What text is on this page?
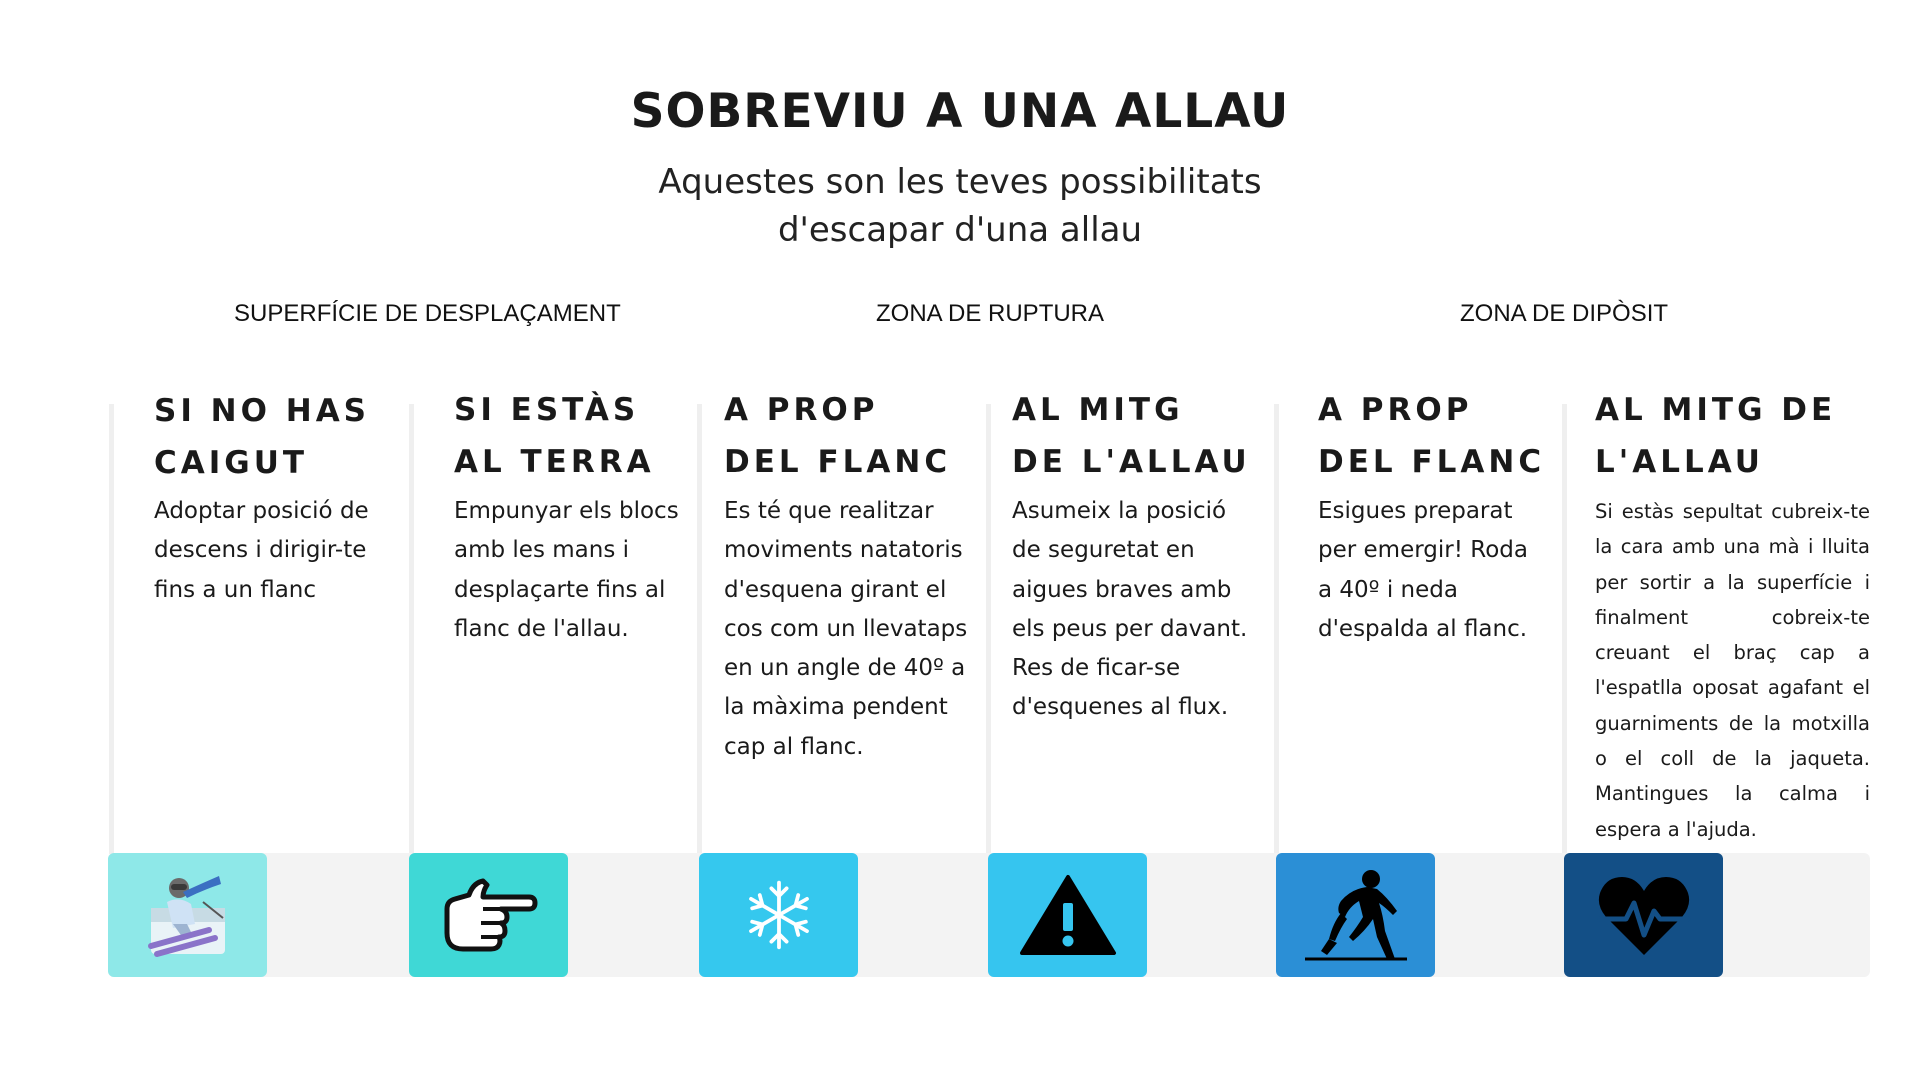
SOBREVIU A UNA ALLAU
Aquestes son les teves possibilitats
d'escapar d'una allau
SUPERFÍCIE DE DESPLAÇAMENT	ZONA DE RUPTURA	ZONA DE DIPÒSIT
SI NO HAS CAIGUT
Adoptar posició de descens i dirigir-te fins a un flanc
SI ESTÀS AL TERRA
Empunyar els blocs amb les mans i desplaçarte fins al flanc de l'allau.
A PROP DEL FLANC
Es té que realitzar moviments natatoris d'esquena girant el cos com un llevataps en un angle de 40º a la màxima pendent cap al flanc.
AL MITG DE L'ALLAU
Asumeix la posició de seguretat en aigues braves amb els peus per davant. Res de ficar-se d'esquenes al flux.
A PROP DEL FLANC
Esigues preparat per emergir! Roda a 40º i neda d'espalda al flanc.
AL MITG DE L'ALLAU
Si estàs sepultat cubreix-te la cara amb una mà i lluita per sortir a la superfície i finalment cobreix-te creuant el braç cap a l'espatlla oposat agafant el guarniments de la motxilla o el coll de la jaqueta. Mantingues la calma i espera a l'ajuda.
